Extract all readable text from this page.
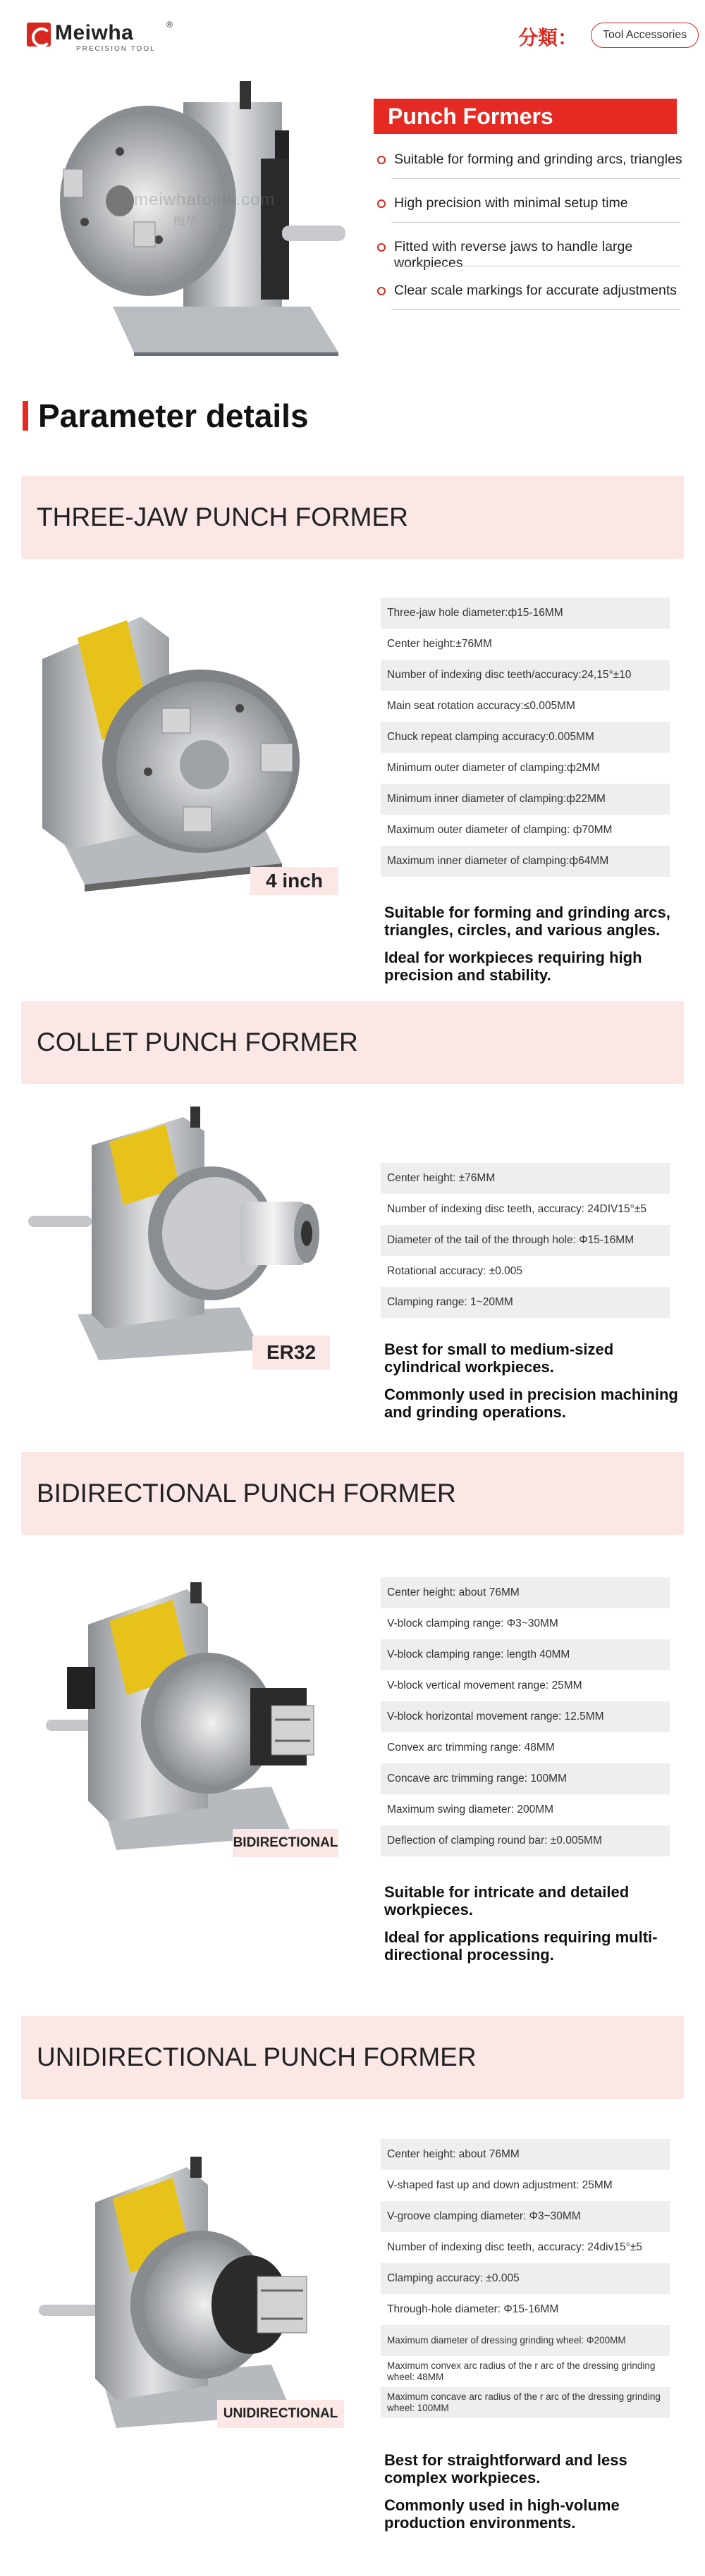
Meiwha	®
PRECISION TOOL
分類：	Tool Accessories
meiwhatools.com
梅华
Punch Formers
Suitable for forming and grinding arcs, triangles
High precision with minimal setup time
Fitted with reverse jaws to handle large workpieces
Clear scale markings for accurate adjustments
Parameter details
THREE-JAW PUNCH FORMER
4 inch
Three-jaw hole diameter:ф15-16MM
Center height:±76MM
Number of indexing disc teeth/accuracy:24,15°±10
Main seat rotation accuracy:≤0.005MM
Chuck repeat clamping accuracy:0.005MM
Minimum outer diameter of clamping:ф2MM
Minimum inner diameter of clamping:ф22MM
Maximum outer diameter of clamping: ф70MM
Maximum inner diameter of clamping:ф64MM

Suitable for forming and grinding arcs, triangles, circles, and various angles.

Ideal for workpieces requiring high precision and stability.

COLLET PUNCH FORMER
ER32
Center height: ±76MM
Number of indexing disc teeth, accuracy: 24DIV15°±5
Diameter of the tail of the through hole: Φ15-16MM
Rotational accuracy: ±0.005
Clamping range: 1~20MM

Best for small to medium-sized cylindrical workpieces.

Commonly used in precision machining and grinding operations.

BIDIRECTIONAL PUNCH FORMER
BIDIRECTIONAL
Center height: about 76MM
V-block clamping range: Φ3~30MM
V-block clamping range: length 40MM
V-block vertical movement range: 25MM
V-block horizontal movement range: 12.5MM
Convex arc trimming range: 48MM
Concave arc trimming range: 100MM
Maximum swing diameter: 200MM
Deflection of clamping round bar: ±0.005MM

Suitable for intricate and detailed workpieces.

Ideal for applications requiring multi-directional processing.

UNIDIRECTIONAL PUNCH FORMER
UNIDIRECTIONAL
Center height: about 76MM
V-shaped fast up and down adjustment: 25MM
V-groove clamping diameter: Φ3~30MM
Number of indexing disc teeth, accuracy: 24div15°±5
Clamping accuracy: ±0.005
Through-hole diameter: Φ15-16MM
Maximum diameter of dressing grinding wheel: Φ200MM
Maximum convex arc radius of the r arc of the dressing grinding wheel: 48MM
Maximum concave arc radius of the r arc of the dressing grinding wheel: 100MM

Best for straightforward and less complex workpieces.

Commonly used in high-volume production environments.
